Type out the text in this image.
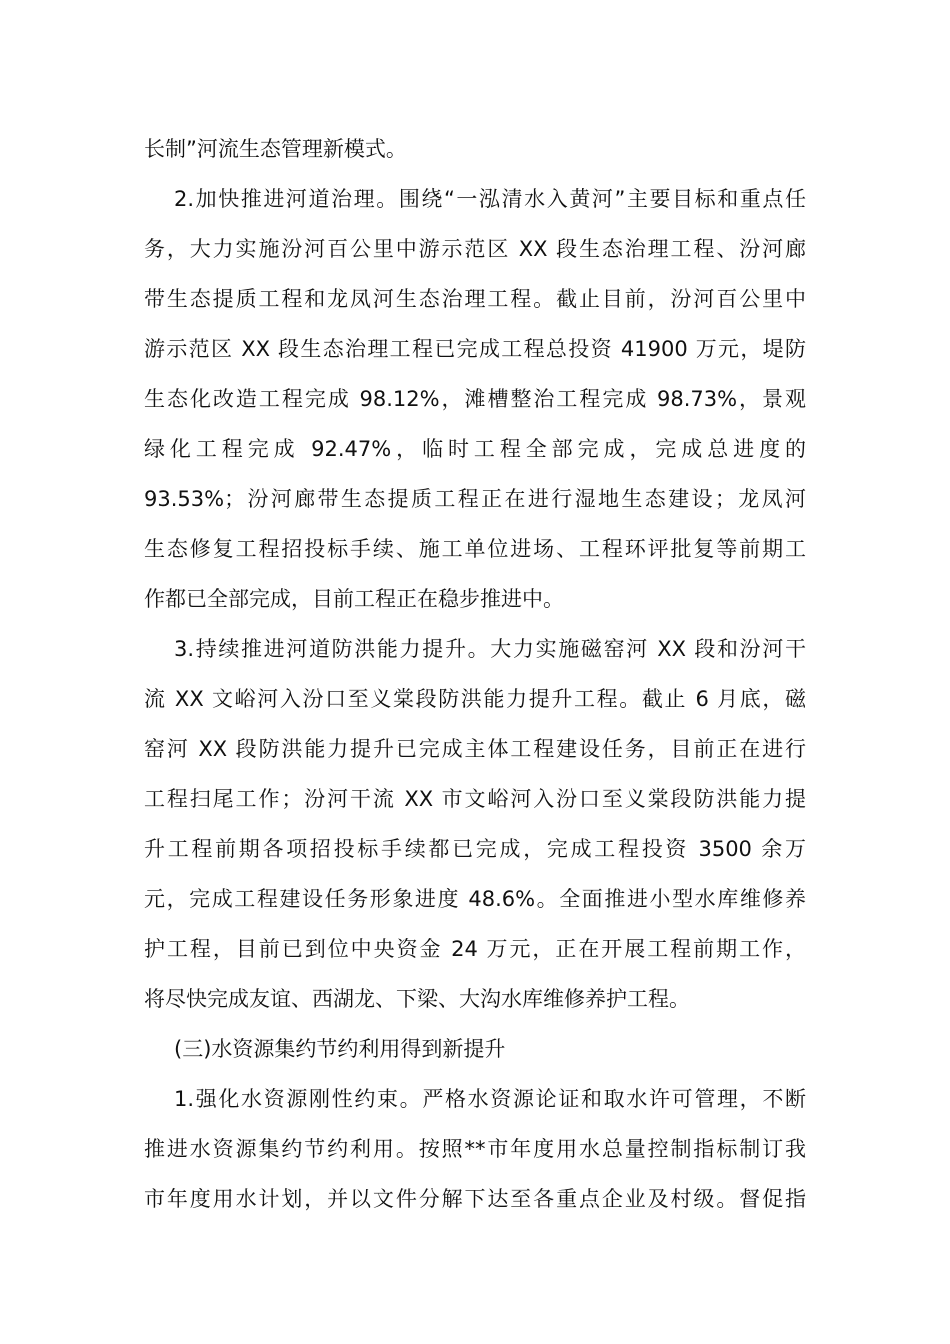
长制”河流生态管理新模式。
2.加快推进河道治理。围绕“一泓清水入黄河”主要目标和重点任
务，大力实施汾河百公里中游示范区 XX 段生态治理工程、汾河廊
带生态提质工程和龙凤河生态治理工程。截止目前，汾河百公里中
游示范区 XX 段生态治理工程已完成工程总投资 41900 万元，堤防
生态化改造工程完成 98.12%，滩槽整治工程完成 98.73%，景观
绿化工程完成 92.47%，临时工程全部完成，完成总进度的
93.53%；汾河廊带生态提质工程正在进行湿地生态建设；龙凤河
生态修复工程招投标手续、施工单位进场、工程环评批复等前期工
作都已全部完成，目前工程正在稳步推进中。
3.持续推进河道防洪能力提升。大力实施磁窑河 XX 段和汾河干
流 XX 文峪河入汾口至义棠段防洪能力提升工程。截止 6 月底，磁
窑河 XX 段防洪能力提升已完成主体工程建设任务，目前正在进行
工程扫尾工作；汾河干流 XX 市文峪河入汾口至义棠段防洪能力提
升工程前期各项招投标手续都已完成，完成工程投资 3500 余万
元，完成工程建设任务形象进度 48.6%。全面推进小型水库维修养
护工程，目前已到位中央资金 24 万元，正在开展工程前期工作，
将尽快完成友谊、西湖龙、下梁、大沟水库维修养护工程。
(三)水资源集约节约利用得到新提升
1.强化水资源刚性约束。严格水资源论证和取水许可管理，不断
推进水资源集约节约利用。按照**市年度用水总量控制指标制订我
市年度用水计划，并以文件分解下达至各重点企业及村级。督促指
